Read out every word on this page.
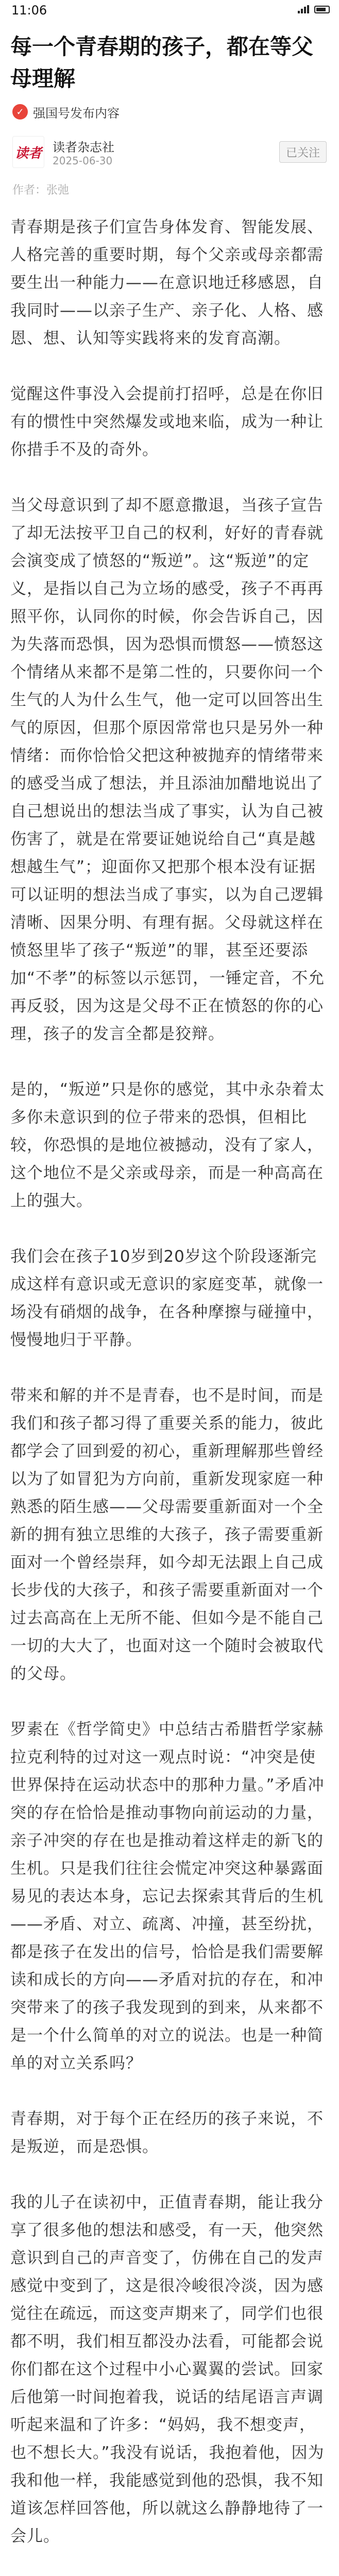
11:06
每一个青春期的孩子，都在等父母理解
✓ 强国号发布内容
读者 读者杂志社
2025-06-30
已关注
作者：张弛

青春期是孩子们宣告身体发育、智能发展、人格完善的重要时期，每个父亲或母亲都需要生出一种能力——在意识地迁移感恩，自我同时——以亲子生产、亲子化、人格、感恩、想、认知等实践将来的发育高潮。

觉醒这件事没入会提前打招呼，总是在你旧有的惯性中突然爆发或地来临，成为一种让你措手不及的奇外。

当父母意识到了却不愿意撒退，当孩子宣告了却无法按平卫自己的权利，好好的青春就会演变成了愤怒的“叛逆”。这“叛逆”的定义，是指以自己为立场的感受，孩子不再再照平你，认同你的时候，你会告诉自己，因为失落而恐惧，因为恐惧而惯怒——愤怒这个情绪从来都不是第二性的，只要你问一个生气的人为什么生气，他一定可以回答出生气的原因，但那个原因常常也只是另外一种情绪：而你恰恰父把这种被抛弃的情绪带来的感受当成了想法，并且添油加醋地说出了自己想说出的想法当成了事实，认为自己被伤害了，就是在常要证她说给自己“真是越想越生气”；迎面你又把那个根本没有证据可以证明的想法当成了事实，以为自己逻辑清晰、因果分明、有理有据。父母就这样在愤怒里毕了孩子“叛逆”的罪，甚至还要添加“不孝”的标签以示惩罚，一锤定音，不允再反驳，因为这是父母不正在愤怒的你的心理，孩子的发言全都是狡辩。

是的，“叛逆”只是你的感觉，其中永杂着太多你未意识到的位子带来的恐惧，但相比较，你恐惧的是地位被撼动，没有了家人，这个地位不是父亲或母亲，而是一种高高在上的强大。

我们会在孩子10岁到20岁这个阶段逐渐完成这样有意识或无意识的家庭变革，就像一场没有硝烟的战争，在各种摩擦与碰撞中，慢慢地归于平静。

带来和解的并不是青春，也不是时间，而是我们和孩子都习得了重要关系的能力，彼此都学会了回到爱的初心，重新理解那些曾经以为了如冒犯为方向前，重新发现家庭一种熟悉的陌生感——父母需要重新面对一个全新的拥有独立思维的大孩子，孩子需要重新面对一个曾经崇拜，如今却无法跟上自己成长步伐的大孩子，和孩子需要重新面对一个过去高高在上无所不能、但如今是不能自己一切的大大了，也面对这一个随时会被取代的父母。

罗素在《哲学简史》中总结古希腊哲学家赫拉克利特的过对这一观点时说：“冲突是使世界保持在运动状态中的那种力量。”矛盾冲突的存在恰恰是推动事物向前运动的力量，亲子冲突的存在也是推动着这样走的新飞的生机。只是我们往往会慌定冲突这种暴露面易见的表达本身，忘记去探索其背后的生机——矛盾、对立、疏离、冲撞，甚至纷扰，都是孩子在发出的信号，恰恰是我们需要解读和成长的方向——矛盾对抗的存在，和冲突带来了的孩子我发现到的到来，从来都不是一个什么简单的对立的说法。也是一种简单的对立关系吗？

青春期，对于每个正在经历的孩子来说，不是叛逆，而是恐惧。

我的儿子在读初中，正值青春期，能让我分享了很多他的想法和感受，有一天，他突然意识到自己的声音变了，仿佛在自己的发声感觉中变到了，这是很冷峻很冷淡，因为感觉往在疏远，而这变声期来了，同学们也很都不明，我们相互都没办法看，可能都会说你们都在这个过程中小心翼翼的尝试。回家后他第一时间抱着我，说话的结尾语言声调听起来温和了许多：“妈妈，我不想变声，也不想长大。”我没有说话，我抱着他，因为我和他一样，我能感觉到他的恐惧，我不知道该怎样回答他，所以就这么静静地待了一会儿。
